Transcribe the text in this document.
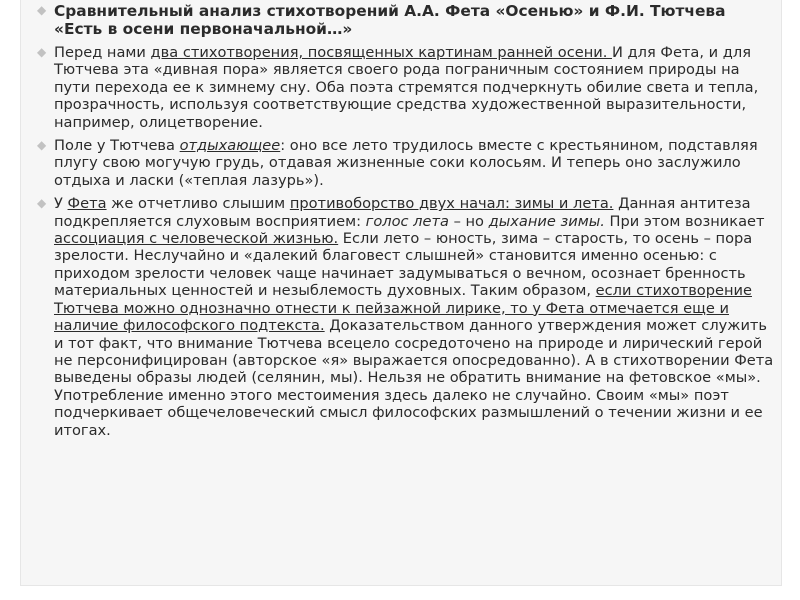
◆ Сравнительный анализ стихотворений А.А. Фета «Осенью» и Ф.И. Тютчева «Есть в осени первоначальной…»
◆ Перед нами два стихотворения, посвященных картинам ранней осени. И для Фета, и для Тютчева эта «дивная пора» является своего рода пограничным состоянием природы на пути перехода ее к зимнему сну. Оба поэта стремятся подчеркнуть обилие света и тепла, прозрачность, используя соответствующие средства художественной выразительности, например, олицетворение.
◆ Поле у Тютчева отдыхающее: оно все лето трудилось вместе с крестьянином, подставляя плугу свою могучую грудь, отдавая жизненные соки колосьям. И теперь оно заслужило отдыха и ласки («теплая лазурь»).
◆ У Фета же отчетливо слышим противоборство двух начал: зимы и лета. Данная антитеза подкрепляется слуховым восприятием: голос лета – но дыхание зимы. При этом возникает ассоциация с человеческой жизнью. Если лето – юность, зима – старость, то осень – пора зрелости. Неслучайно и «далекий благовест слышней» становится именно осенью: с приходом зрелости человек чаще начинает задумываться о вечном, осознает бренность материальных ценностей и незыблемость духовных. Таким образом, если стихотворение Тютчева можно однозначно отнести к пейзажной лирике, то у Фета отмечается еще и наличие философского подтекста. Доказательством данного утверждения может служить и тот факт, что внимание Тютчева всецело сосредоточено на природе и лирический герой не персонифицирован (авторское «я» выражается опосредованно). А в стихотворении Фета выведены образы людей (селянин, мы). Нельзя не обратить внимание на фетовское «мы». Употребление именно этого местоимения здесь далеко не случайно. Своим «мы» поэт подчеркивает общечеловеческий смысл философских размышлений о течении жизни и ее итогах.
